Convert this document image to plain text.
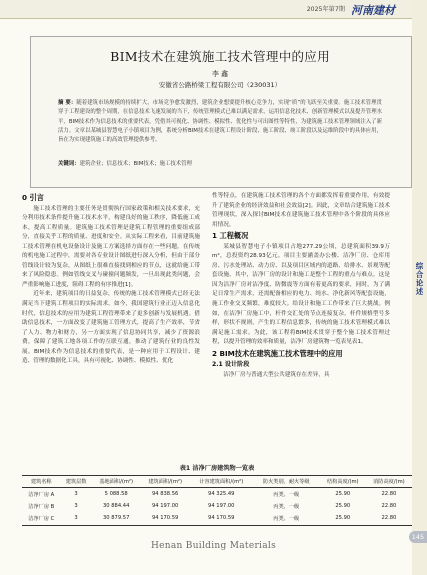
2025年第7期 河南建材
BIM技术在建筑施工技术管理中的应用
李 鑫
安徽省公路桥梁工程有限公司（230031）
摘 要：随着建筑市场规模的持续扩大，市场竞争愈发激烈，建筑企业想要提升核心竞争力，实现“质”的飞跃至关重要。施工技术管理贯穿于工程建设的整个周期，在信息技术飞速发展的当下，传统管理模式已难以满足需求，运用信息化技术、创新管理模式以及提升管理水平，BIM技术作为信息技术的重要代表，凭借其可视化、协调性、模拟性、优化性与可出图性等特性，为建筑施工技术管理领域注入了新活力。文章以某城县智慧电子小镇项目为例，系统分析BIM技术在建筑工程设计阶段、施工阶段、竣工阶段以及运维阶段中的具体应用，旨在为实现建筑施工的高效管理提供参考。
关键词：建筑企业；信息技术；BIM技术；施工技术管理
0 引言

施工技术管理的主要任务是贯彻执行国家政策和相关技术要求，充分利用技术条件提升施工技术水平，构建良好的施工秩序，降低施工成本，提高工程质量。建筑施工技术管理是建筑工程管理的重要组成部分，直接关乎工程的质量、进度和安全。从实际工程来看，目前建筑施工技术管理在机电设备设计及施工方案选择方面存在一些问题。在传统的机电施工过程中，需要对各专业设计图纸进行深入分析，但由于部分管线设计较为复杂，从图纸上很难直接找到相应的节点，这就给施工带来了风险隐患。例如管线交叉与碰撞问题频发，一旦出现此类问题，会严重影响施工进度，阻碍工程的有序推进[1]。

近年来，建筑项目的日益复杂，传统的施工技术管理模式已经无法满足当下建筑工程项目的实际需求。如今，我国建筑行业正迈入信息化时代，信息技术的应用为建筑工程管理带来了更多创新与发展机遇。借助信息技术，一方面改变了建筑施工管理方式，提高了生产效率，节省了人力、物力和财力，另一方面实现了信息协同共享，减少了资源浪费，保障了建筑工地各项工作的互联互通，推动了建筑行业的良性发展。BIM技术作为信息技术的重要代表，是一种应用于工程设计、建造、管理的数据化工具，具有可视化、协调性、模拟性、优化

性等特点，在建筑施工技术管理的各个方面都发挥着重要作用，有效提升了建筑企业的经济效益和社会效益[2]。因此，文章结合建筑施工技术管理现状，深入探讨BIM技术在建筑施工技术管理中各个阶段的具体应用情况。

1 工程概况

某城县智慧电子小镇项目占地277.29公顷，总建筑面积39.9万m²，总投资约28.93亿元。项目主要涵盖办公楼、洁净厂房、仓库用房、污水处理站、动力房、以及项目区域内的道路、给排水、景观等配套设施。其中，洁净厂房的设计和施工是整个工程的重点与难点。这是因为洁净厂房对洁净度、防微震等方面有着更高的要求，同时，为了满足日常生产需求，还需配备相应的电力、纯水、净化新风等配套设施，施工作业交叉频繁，难度较大。给设计和施工工作带来了巨大挑战。例如，在洁净厂房施工中，杆件交汇处的节点连接复杂，杆件规格型号多样，形状不规则，产生的工程信息繁多，传统的施工技术管理模式难以满足施工需求。为此，该工程将BIM技术贯穿于整个施工技术管理过程，以提升管理的效率和质量，洁净厂房建筑物一览表见表1。

2 BIM技术在建筑施工技术管理中的应用
2.1 设计阶段

洁净厂房与普通大型公共建筑存在差异，具

综合论述
表1 洁净厂房建筑物一览表
建筑名称	建筑层数	基地面积/(m²)	建筑面积/(m²)	计容建筑面积/(m²)	防火类别、耐火等级	结构高度/(m)	消防高度/(m)
洁净厂房 A	3	5 088.58	94 838.56	94 325.49	丙类、一级	25.90	22.80
洁净厂房 B	3	30 884.44	94 197.00	94 197.00	丙类、一级	25.90	22.80
洁净厂房 C	3	30 879.57	94 170.59	94 170.59	丙类、一级	25.90	22.80
Henan Building Materials
145
